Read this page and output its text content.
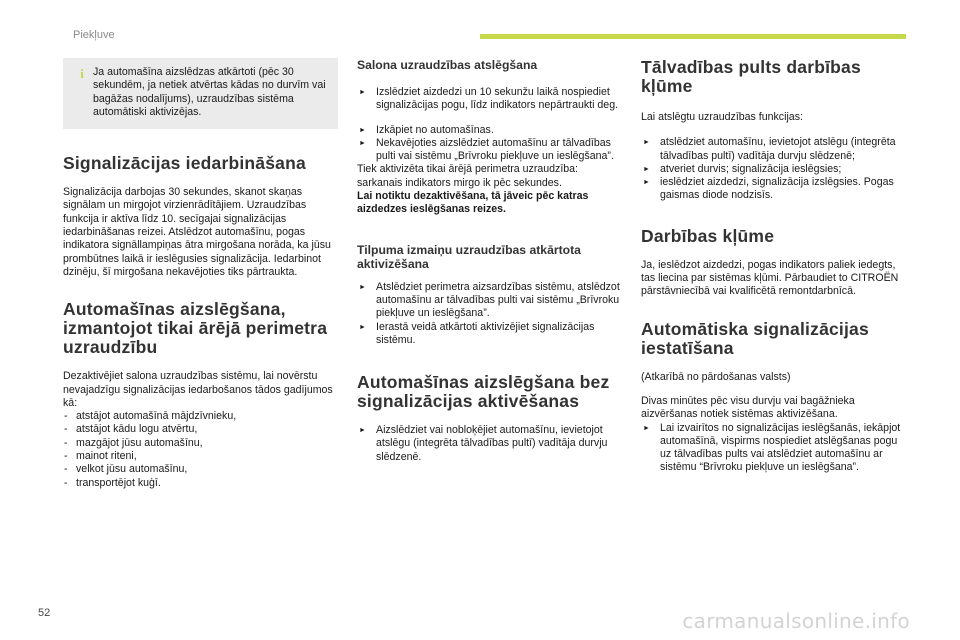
Piekļuve
i Ja automašīna aizslēdzas atkārtoti (pēc 30 sekundēm, ja netiek atvērtas kādas no durvīm vai bagāžas nodalījums), uzraudzības sistēma automātiski aktivizējas.

Signalizācijas iedarbināšana

Signalizācija darbojas 30 sekundes, skanot skaņas signālam un mirgojot virzienrādītājiem. Uzraudzības funkcija ir aktīva līdz 10. secīgajai signalizācijas iedarbināšanas reizei. Atslēdzot automašīnu, pogas indikatora signāllampiņas ātra mirgošana norāda, ka jūsu prombūtnes laikā ir ieslēgusies signalizācija. Iedarbinot dzinēju, šī mirgošana nekavējoties tiks pārtraukta.

Automašīnas aizslēgšana, izmantojot tikai ārējā perimetra uzraudzību

Dezaktivējiet salona uzraudzības sistēmu, lai novērstu nevajadzīgu signalizācijas iedarbošanos tādos gadījumos kā:

- atstājot automašīnā mājdzīvnieku,
- atstājot kādu logu atvērtu,
- mazgājot jūsu automašīnu,
- mainot riteni,
- velkot jūsu automašīnu,
- transportējot kuģī.
Salona uzraudzības atslēgšana
► Izslēdziet aizdedzi un 10 sekunžu laikā nospiediet signalizācijas pogu, līdz indikators nepārtraukti deg.
► Izkāpiet no automašīnas.
► Nekavējoties aizslēdziet automašīnu ar tālvadības pulti vai sistēmu „Brīvroku piekļuve un ieslēgšana”.

Tiek aktivizēta tikai ārējā perimetra uzraudzība: sarkanais indikators mirgo ik pēc sekundes.

Lai notiktu dezaktivēšana, tā jāveic pēc katras aizdedzes ieslēgšanas reizes.

Tilpuma izmaiņu uzraudzības atkārtota aktivizēšana
► Atslēdziet perimetra aizsardzības sistēmu, atslēdzot automašīnu ar tālvadības pulti vai sistēmu „Brīvroku piekļuve un ieslēgšana”.
► Ierastā veidā atkārtoti aktivizējiet signalizācijas sistēmu.
Automašīnas aizslēgšana bez signalizācijas aktivēšanas
► Aizslēdziet vai nobloķējiet automašīnu, ievietojot atslēgu (integrēta tālvadības pultī) vadītāja durvju slēdzenē.
Tālvadības pults darbības kļūme

Lai atslēgtu uzraudzības funkcijas:

► atslēdziet automašīnu, ievietojot atslēgu (integrēta tālvadības pultī) vadītāja durvju slēdzenē;
► atveriet durvis; signalizācija ieslēgsies;
► ieslēdziet aizdedzi, signalizācija izslēgsies. Pogas gaismas diode nodzisīs.
Darbības kļūme

Ja, ieslēdzot aizdedzi, pogas indikators paliek iedegts, tas liecina par sistēmas kļūmi. Pārbaudiet to CITROËN pārstāvniecībā vai kvalificētā remontdarbnīcā.

Automātiska signalizācijas iestatīšana

(Atkarībā no pārdošanas valsts)

Divas minūtes pēc visu durvju vai bagāžnieka aizvēršanas notiek sistēmas aktivizēšana.

► Lai izvairītos no signalizācijas ieslēgšanās, iekāpjot automašīnā, vispirms nospiediet atslēgšanas pogu uz tālvadības pults vai atslēdziet automašīnu ar sistēmu “Brīvroku piekļuve un ieslēgšana”.
52	carmanualsonline.info
